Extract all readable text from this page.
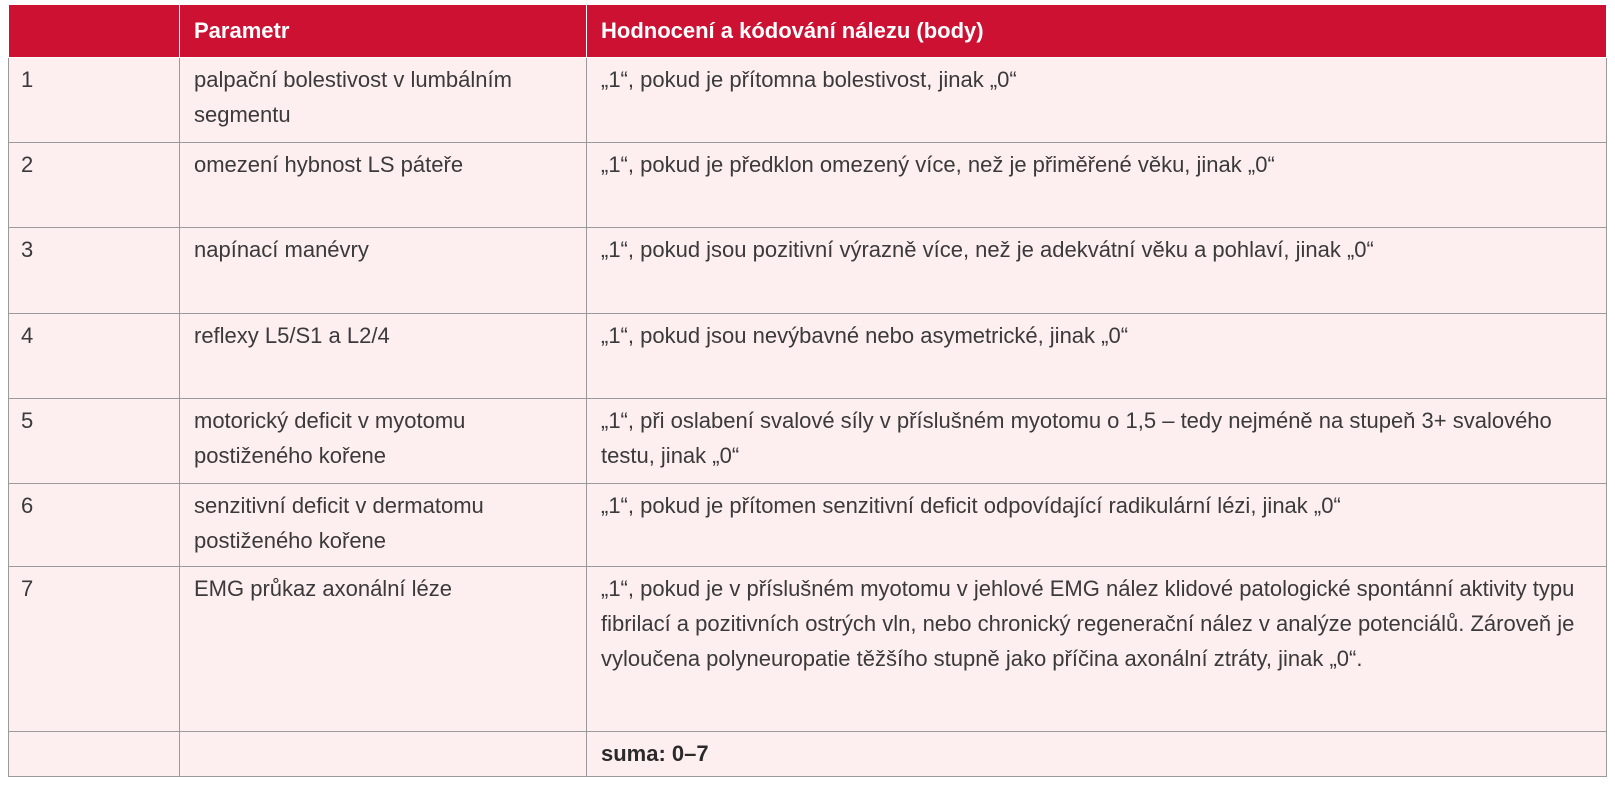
	Parametr	Hodnocení a kódování nálezu (body)
1	palpační bolestivost v lumbálním segmentu	„1“, pokud je přítomna bolestivost, jinak „0“
2	omezení hybnost LS páteře	„1“, pokud je předklon omezený více, než je přiměřené věku, jinak „0“
3	napínací manévry	„1“, pokud jsou pozitivní výrazně více, než je adekvátní věku a pohlaví, jinak „0“
4	reflexy L5/S1 a L2/4	„1“, pokud jsou nevýbavné nebo asymetrické, jinak „0“
5	motorický deficit v myotomu postiženého kořene	„1“, při oslabení svalové síly v příslušném myotomu o 1,5 – tedy nejméně na stupeň 3+ svalového testu, jinak „0“
6	senzitivní deficit v dermatomu postiženého kořene	„1“, pokud je přítomen senzitivní deficit odpovídající radikulární lézi, jinak „0“
7	EMG průkaz axonální léze	„1“, pokud je v příslušném myotomu v jehlové EMG nález klidové patologické spontánní aktivity typu fibrilací a pozitivních ostrých vln, nebo chronický regenerační nález v analýze potenciálů. Zároveň je vyloučena polyneuropatie těžšího stupně jako příčina axonální ztráty, jinak „0“.
		suma: 0–7
